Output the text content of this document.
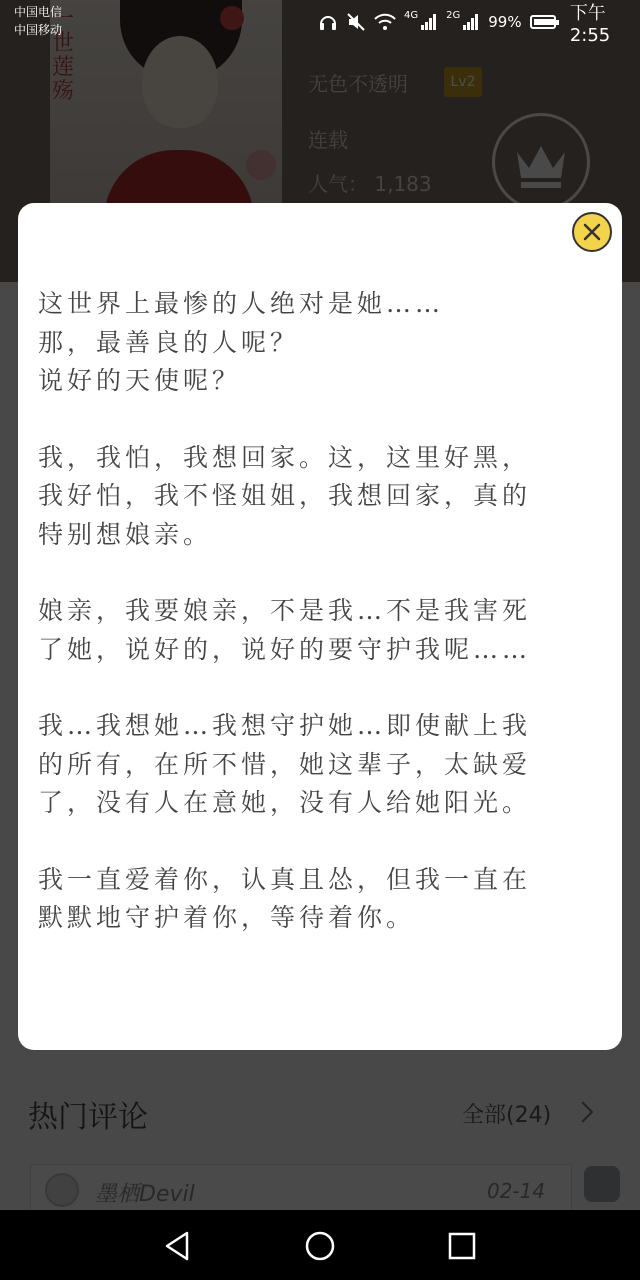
中国电信
中国移动
4G	2G 99%	下午 2:55

这世界上最惨的人绝对是她……
那，最善良的人呢？
说好的天使呢？

我，我怕，我想回家。这，这里好黑，
我好怕，我不怪姐姐，我想回家，真的
特别想娘亲。

娘亲，我要娘亲，不是我…不是我害死
了她，说好的，说好的要守护我呢……

我…我想她…我想守护她…即使献上我
的所有，在所不惜，她这辈子，太缺爱
了，没有人在意她，没有人给她阳光。

我一直爱着你，认真且怂，但我一直在
默默地守护着你，等待着你。
